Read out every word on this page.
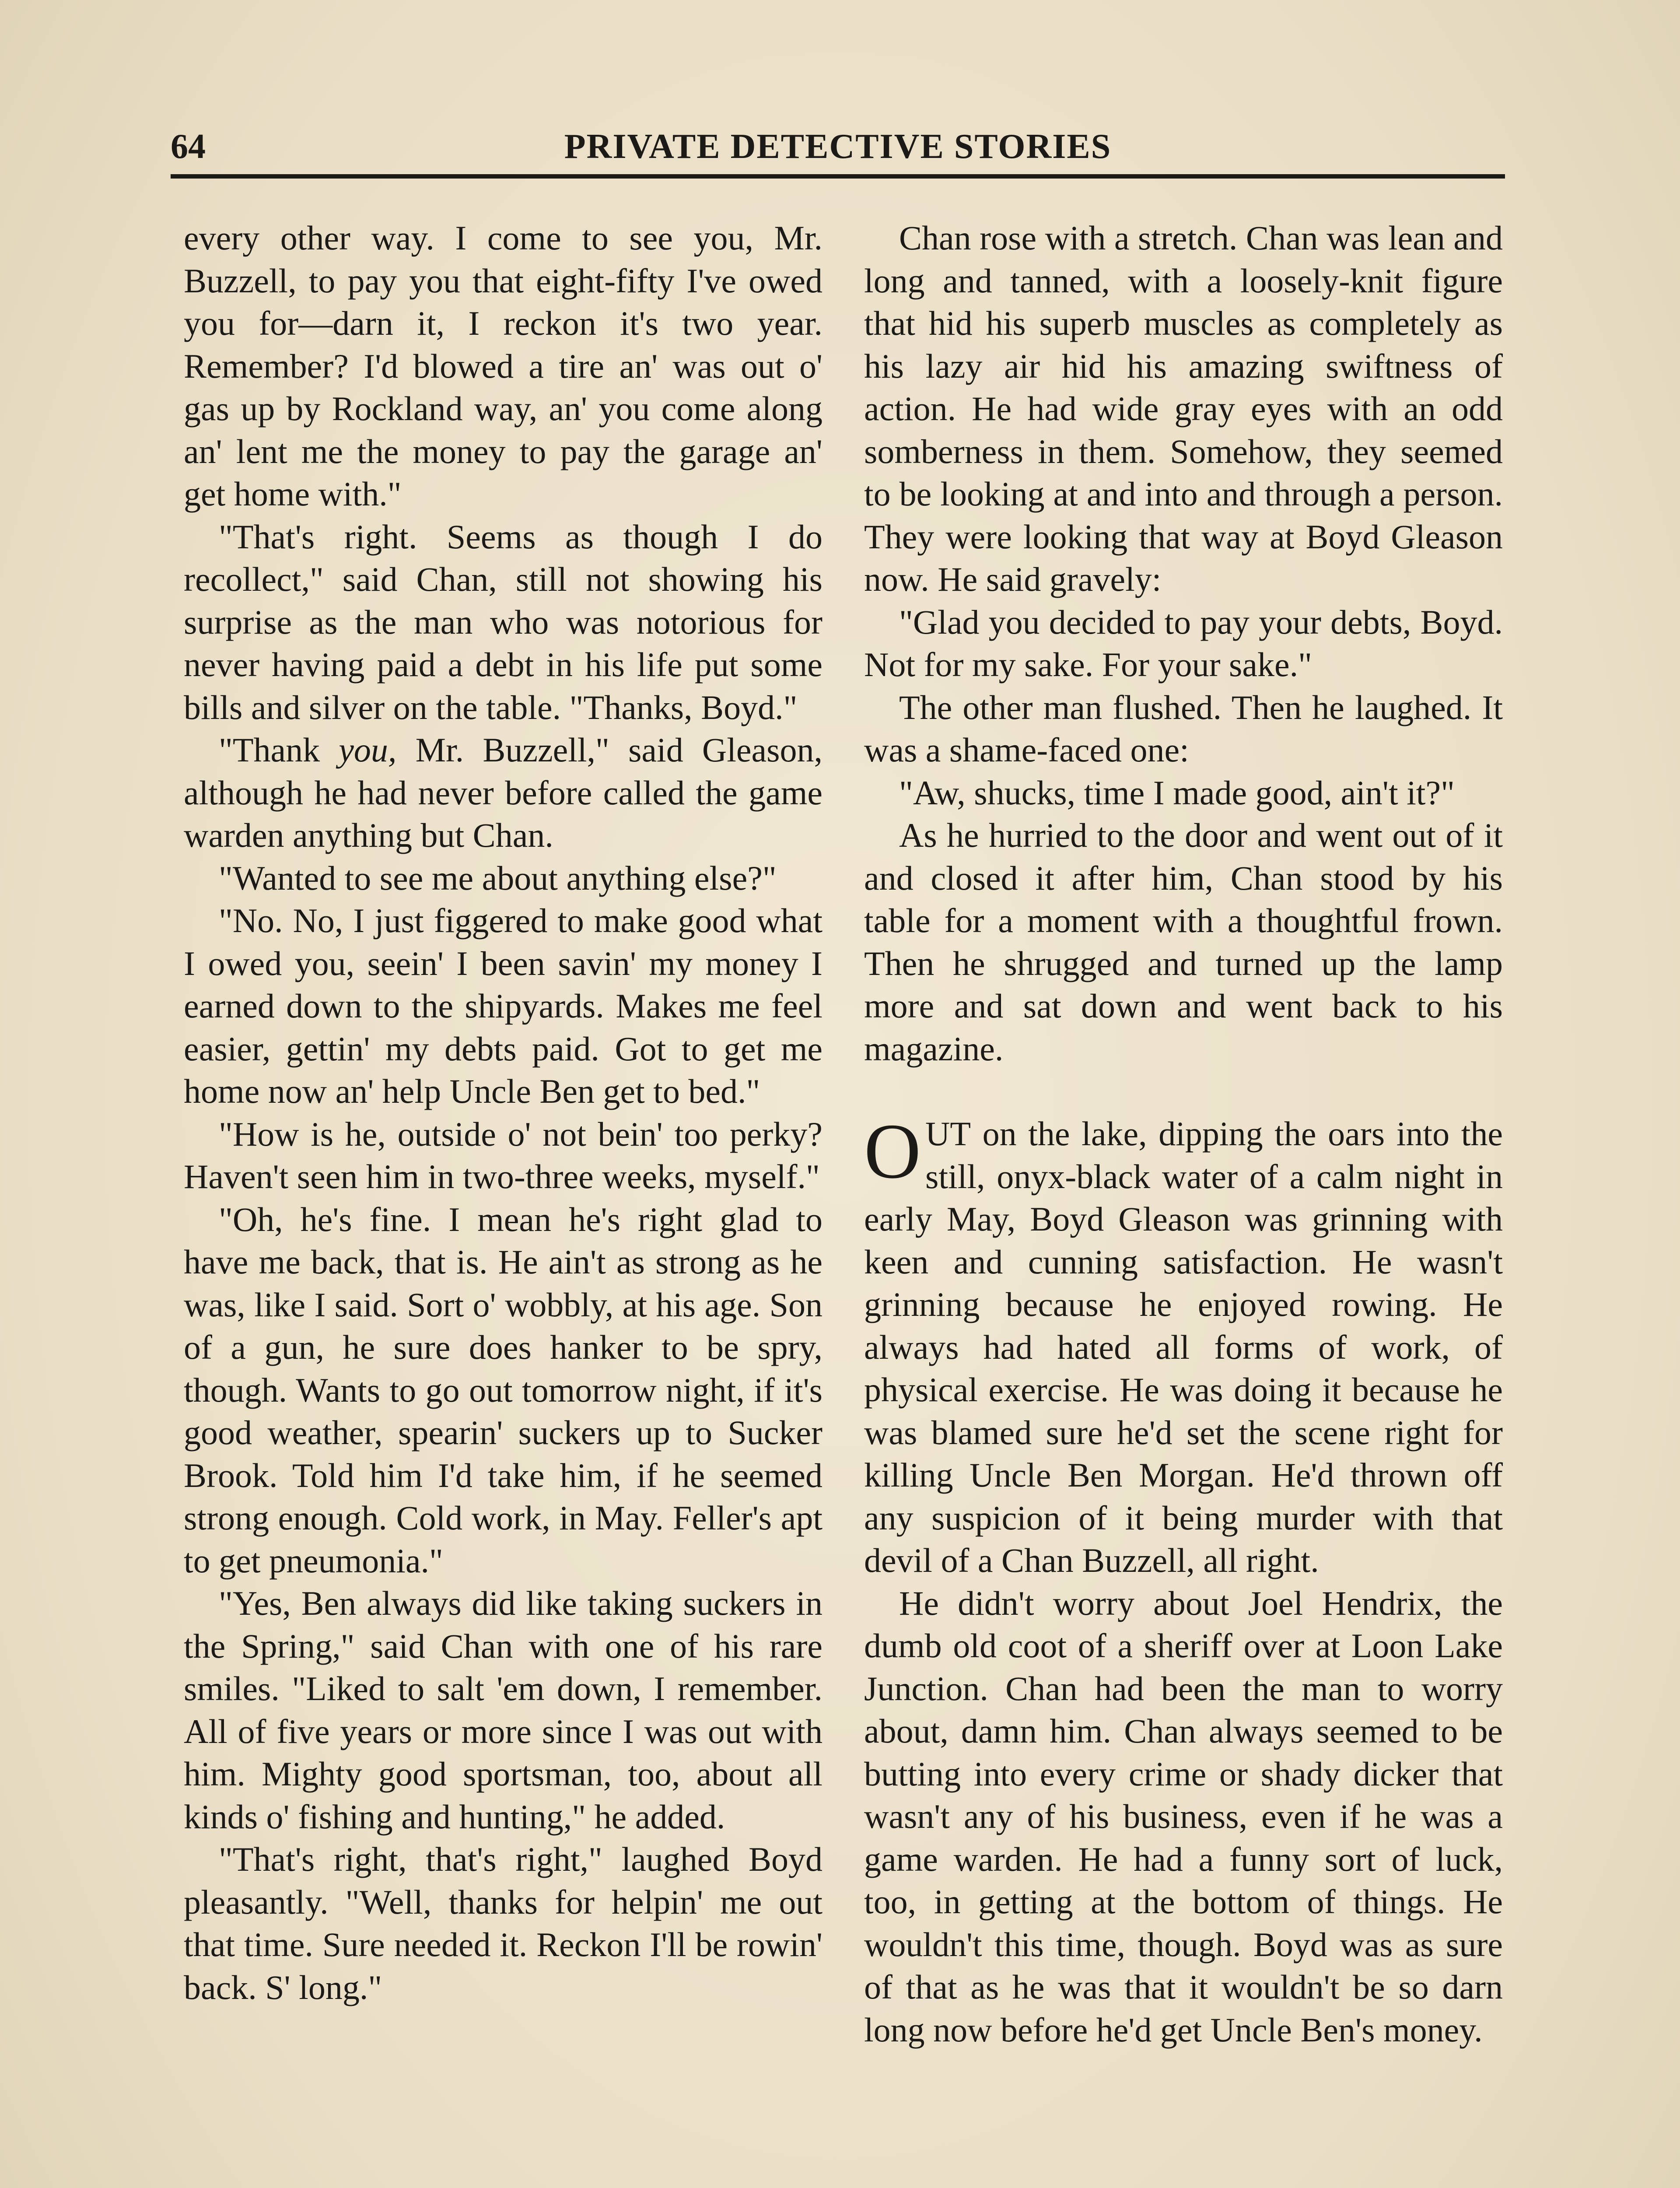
64	PRIVATE DETECTIVE STORIES

every other way. I come to see you, Mr. Buzzell, to pay you that eight-fifty I've owed you for—darn it, I reckon it's two year. Remember? I'd blowed a tire an' was out o' gas up by Rockland way, an' you come along an' lent me the money to pay the garage an' get home with."

"That's right. Seems as though I do recollect," said Chan, still not showing his surprise as the man who was notorious for never having paid a debt in his life put some bills and silver on the table. "Thanks, Boyd."

"Thank you, Mr. Buzzell," said Gleason, although he had never before called the game warden anything but Chan.

"Wanted to see me about anything else?"

"No. No, I just figgered to make good what I owed you, seein' I been savin' my money I earned down to the shipyards. Makes me feel easier, gettin' my debts paid. Got to get me home now an' help Uncle Ben get to bed."

"How is he, outside o' not bein' too perky? Haven't seen him in two-three weeks, myself."

"Oh, he's fine. I mean he's right glad to have me back, that is. He ain't as strong as he was, like I said. Sort o' wobbly, at his age. Son of a gun, he sure does hanker to be spry, though. Wants to go out tomorrow night, if it's good weather, spearin' suckers up to Sucker Brook. Told him I'd take him, if he seemed strong enough. Cold work, in May. Feller's apt to get pneumonia."

"Yes, Ben always did like taking suckers in the Spring," said Chan with one of his rare smiles. "Liked to salt 'em down, I remember. All of five years or more since I was out with him. Mighty good sportsman, too, about all kinds o' fishing and hunting," he added.

"That's right, that's right," laughed Boyd pleasantly. "Well, thanks for helpin' me out that time. Sure needed it. Reckon I'll be rowin' back. S' long."

Chan rose with a stretch. Chan was lean and long and tanned, with a loosely-knit figure that hid his superb muscles as completely as his lazy air hid his amazing swiftness of action. He had wide gray eyes with an odd somberness in them. Somehow, they seemed to be looking at and into and through a person. They were looking that way at Boyd Gleason now. He said gravely:

"Glad you decided to pay your debts, Boyd. Not for my sake. For your sake."

The other man flushed. Then he laughed. It was a shame-faced one:

"Aw, shucks, time I made good, ain't it?"

As he hurried to the door and went out of it and closed it after him, Chan stood by his table for a moment with a thoughtful frown. Then he shrugged and turned up the lamp more and sat down and went back to his magazine.

OUT on the lake, dipping the oars into the still, onyx-black water of a calm night in early May, Boyd Gleason was grinning with keen and cunning satisfaction. He wasn't grinning because he enjoyed rowing. He always had hated all forms of work, of physical exercise. He was doing it because he was blamed sure he'd set the scene right for killing Uncle Ben Morgan. He'd thrown off any suspicion of it being murder with that devil of a Chan Buzzell, all right.

He didn't worry about Joel Hendrix, the dumb old coot of a sheriff over at Loon Lake Junction. Chan had been the man to worry about, damn him. Chan always seemed to be butting into every crime or shady dicker that wasn't any of his business, even if he was a game warden. He had a funny sort of luck, too, in getting at the bottom of things. He wouldn't this time, though. Boyd was as sure of that as he was that it wouldn't be so darn long now before he'd get Uncle Ben's money.
